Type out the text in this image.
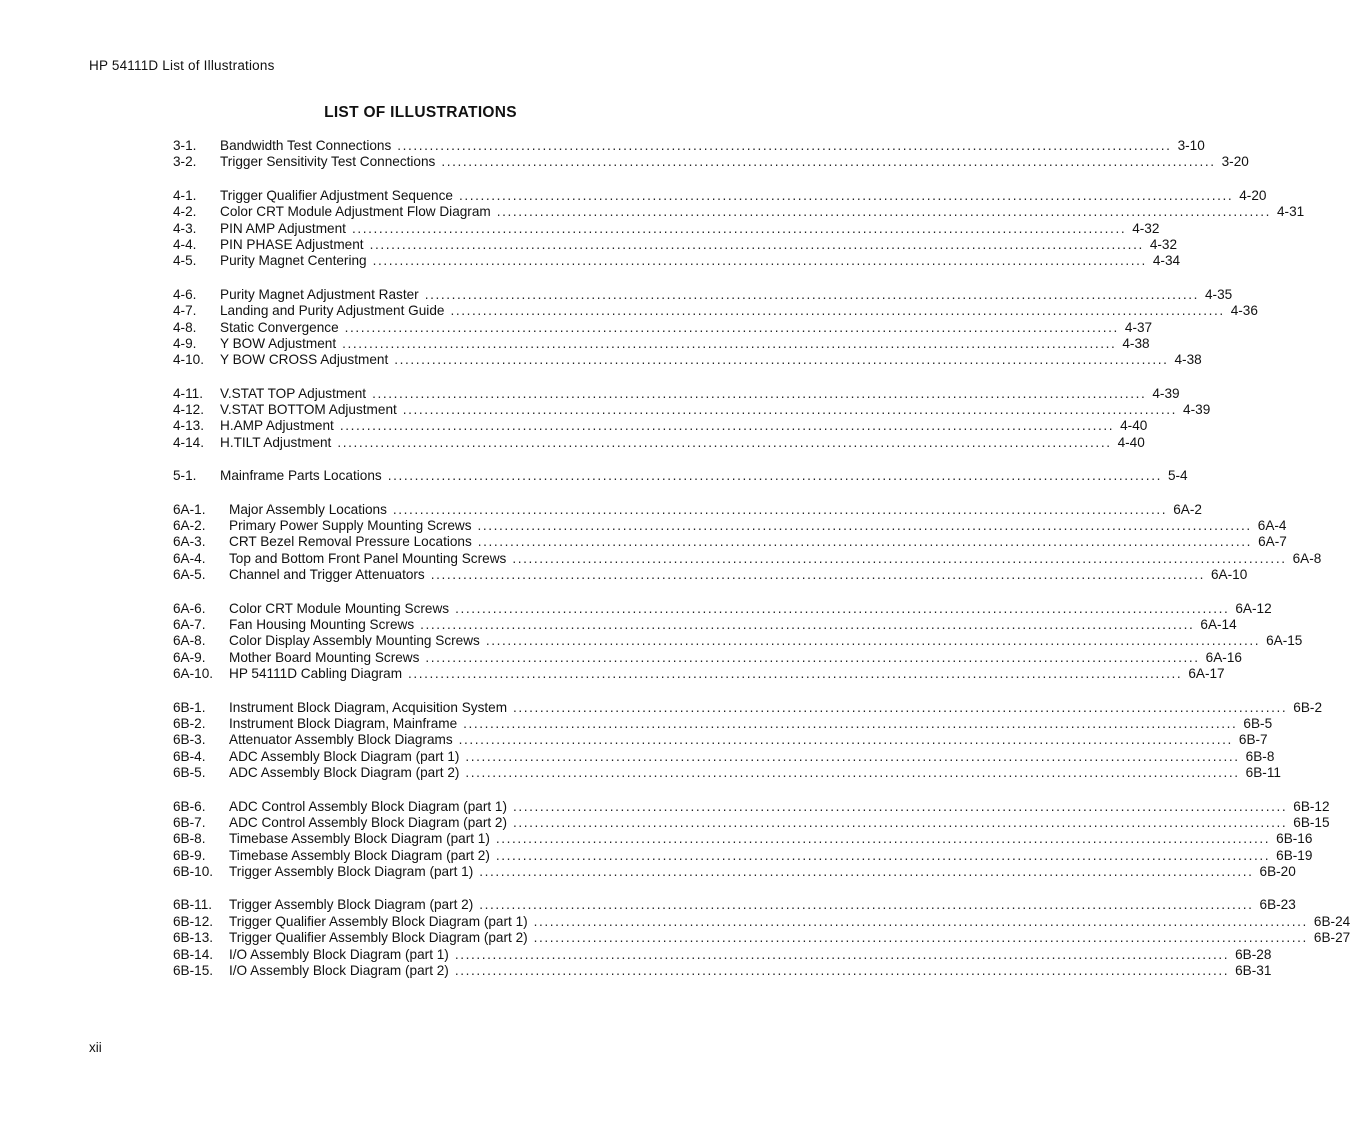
HP 54111D List of Illustrations
LIST OF ILLUSTRATIONS
3-1.	Bandwidth Test Connections .....	3-10
3-2.	Trigger Sensitivity Test Connections .....	3-20
4-1.	Trigger Qualifier Adjustment Sequence .....	4-20
4-2.	Color CRT Module Adjustment Flow Diagram .....	4-31
4-3.	PIN AMP Adjustment .....	4-32
4-4.	PIN PHASE Adjustment .....	4-32
4-5.	Purity Magnet Centering .....	4-34
4-6.	Purity Magnet Adjustment Raster .....	4-35
4-7.	Landing and Purity Adjustment Guide .....	4-36
4-8.	Static Convergence .....	4-37
4-9.	Y BOW Adjustment .....	4-38
4-10.	Y BOW CROSS Adjustment .....	4-38
4-11.	V.STAT TOP Adjustment .....	4-39
4-12.	V.STAT BOTTOM Adjustment .....	4-39
4-13.	H.AMP Adjustment .....	4-40
4-14.	H.TILT Adjustment .....	4-40
5-1.	Mainframe Parts Locations .....	5-4
6A-1.	Major Assembly Locations .....	6A-2
6A-2.	Primary Power Supply Mounting Screws .....	6A-4
6A-3.	CRT Bezel Removal Pressure Locations .....	6A-7
6A-4.	Top and Bottom Front Panel Mounting Screws .....	6A-8
6A-5.	Channel and Trigger Attenuators .....	6A-10
6A-6.	Color CRT Module Mounting Screws .....	6A-12
6A-7.	Fan Housing Mounting Screws .....	6A-14
6A-8.	Color Display Assembly Mounting Screws .....	6A-15
6A-9.	Mother Board Mounting Screws .....	6A-16
6A-10.	HP 54111D Cabling Diagram .....	6A-17
6B-1.	Instrument Block Diagram, Acquisition System .....	6B-2
6B-2.	Instrument Block Diagram, Mainframe .....	6B-5
6B-3.	Attenuator Assembly Block Diagrams .....	6B-7
6B-4.	ADC Assembly Block Diagram (part 1) .....	6B-8
6B-5.	ADC Assembly Block Diagram (part 2) .....	6B-11
6B-6.	ADC Control Assembly Block Diagram (part 1) .....	6B-12
6B-7.	ADC Control Assembly Block Diagram (part 2) .....	6B-15
6B-8.	Timebase Assembly Block Diagram (part 1) .....	6B-16
6B-9.	Timebase Assembly Block Diagram (part 2) .....	6B-19
6B-10.	Trigger Assembly Block Diagram (part 1) .....	6B-20
6B-11.	Trigger Assembly Block Diagram (part 2) .....	6B-23
6B-12.	Trigger Qualifier Assembly Block Diagram (part 1) .....	6B-24
6B-13.	Trigger Qualifier Assembly Block Diagram (part 2) .....	6B-27
6B-14.	I/O Assembly Block Diagram (part 1) .....	6B-28
6B-15.	I/O Assembly Block Diagram (part 2) .....	6B-31
xii
